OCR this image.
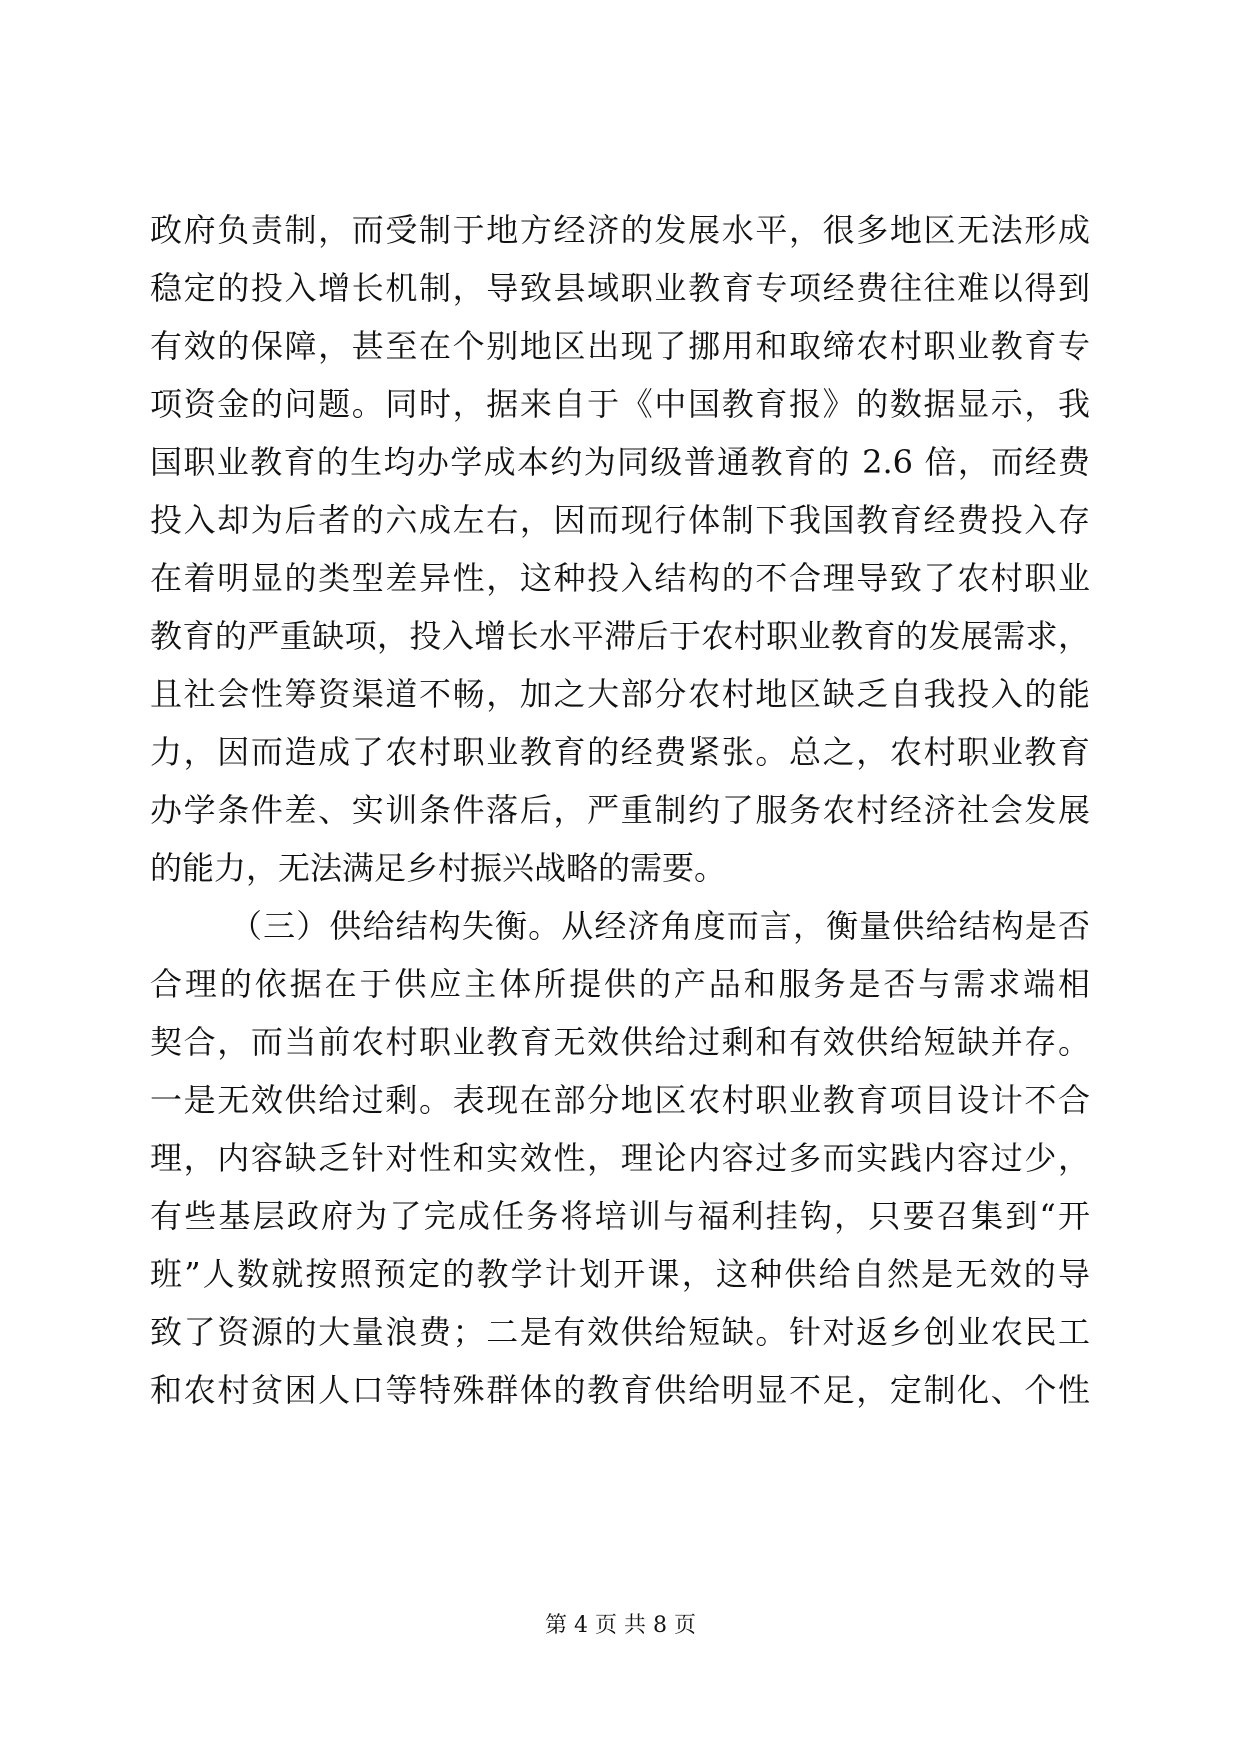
政府负责制，而受制于地方经济的发展水平，很多地区无法形成
稳定的投入增长机制，导致县域职业教育专项经费往往难以得到
有效的保障，甚至在个别地区出现了挪用和取缔农村职业教育专
项资金的问题。同时，据来自于《中国教育报》的数据显示，我
国职业教育的生均办学成本约为同级普通教育的 2.6 倍，而经费
投入却为后者的六成左右，因而现行体制下我国教育经费投入存
在着明显的类型差异性，这种投入结构的不合理导致了农村职业
教育的严重缺项，投入增长水平滞后于农村职业教育的发展需求，
且社会性筹资渠道不畅，加之大部分农村地区缺乏自我投入的能
力，因而造成了农村职业教育的经费紧张。总之，农村职业教育
办学条件差、实训条件落后，严重制约了服务农村经济社会发展
的能力，无法满足乡村振兴战略的需要。
（三）供给结构失衡。从经济角度而言，衡量供给结构是否
合理的依据在于供应主体所提供的产品和服务是否与需求端相
契合，而当前农村职业教育无效供给过剩和有效供给短缺并存。
一是无效供给过剩。表现在部分地区农村职业教育项目设计不合
理，内容缺乏针对性和实效性，理论内容过多而实践内容过少，
有些基层政府为了完成任务将培训与福利挂钩，只要召集到“开
班”人数就按照预定的教学计划开课，这种供给自然是无效的导
致了资源的大量浪费；二是有效供给短缺。针对返乡创业农民工
和农村贫困人口等特殊群体的教育供给明显不足，定制化、个性
第 4 页 共 8 页
